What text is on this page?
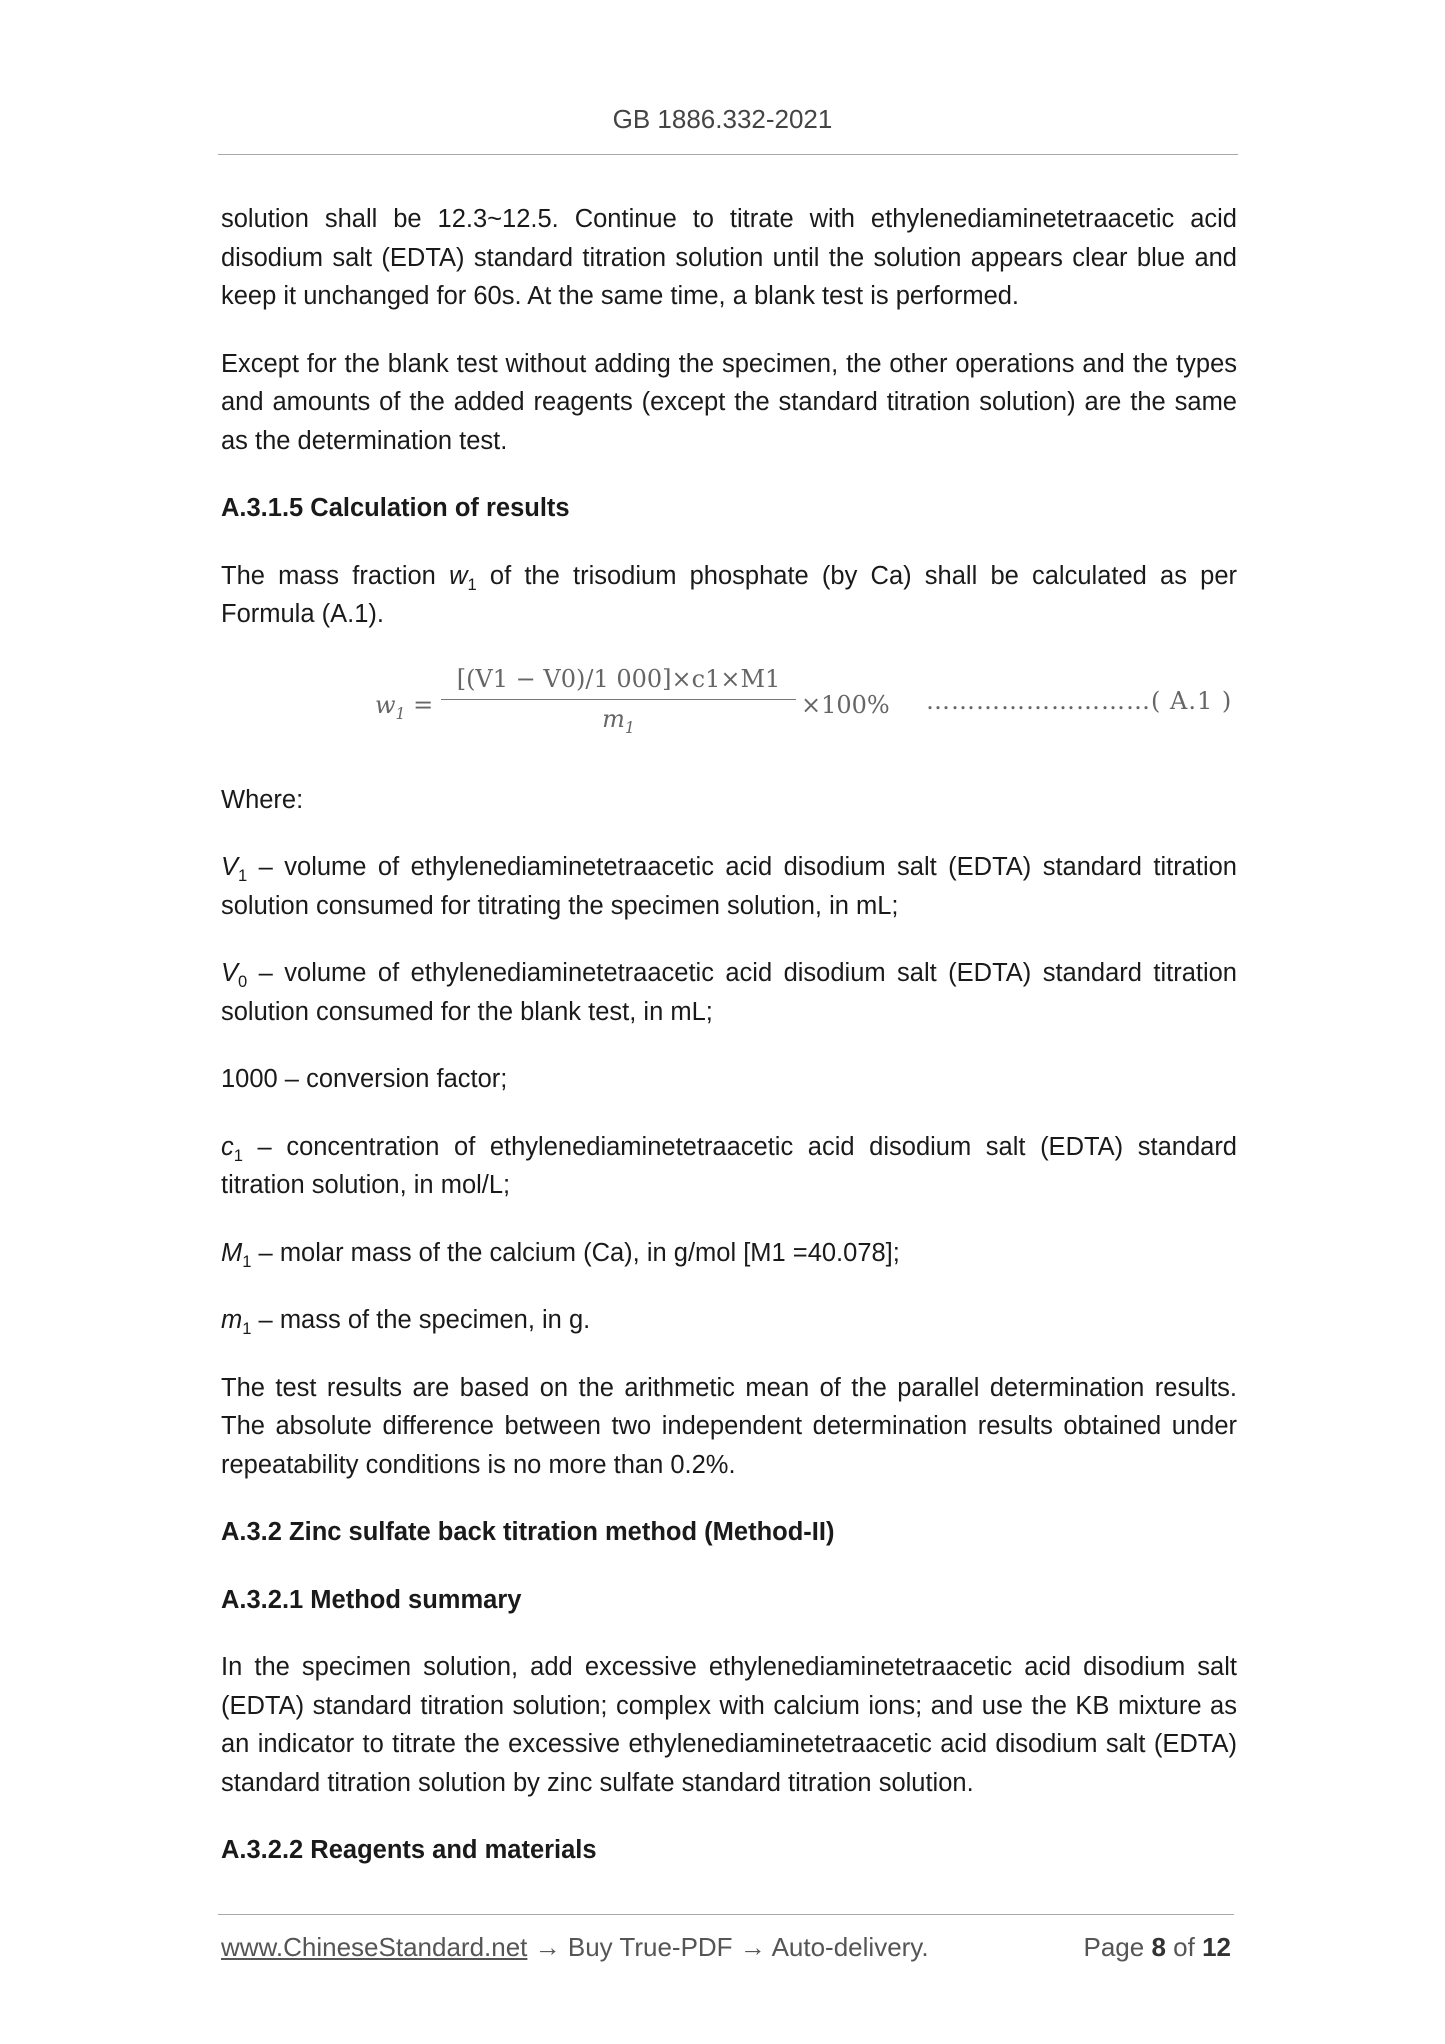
GB 1886.332-2021

solution shall be 12.3~12.5. Continue to titrate with ethylenediaminetetraacetic acid disodium salt (EDTA) standard titration solution until the solution appears clear blue and keep it unchanged for 60s. At the same time, a blank test is performed.

Except for the blank test without adding the specimen, the other operations and the types and amounts of the added reagents (except the standard titration solution) are the same as the determination test.

A.3.1.5 Calculation of results

The mass fraction $w_1$ of the trisodium phosphate (by Ca) shall be calculated as per Formula (A.1).

$w_1 = \frac{[(V1 - V0)/1 000]\times c1\times M1}{m_1} \times 100\%$ ………………………( A.1 )

Where:

$V_1$ – volume of ethylenediaminetetraacetic acid disodium salt (EDTA) standard titration solution consumed for titrating the specimen solution, in mL;

$V_0$ – volume of ethylenediaminetetraacetic acid disodium salt (EDTA) standard titration solution consumed for the blank test, in mL;

1000 – conversion factor;

$c_1$ – concentration of ethylenediaminetetraacetic acid disodium salt (EDTA) standard titration solution, in mol/L;

$M_1$ – molar mass of the calcium (Ca), in g/mol [M1 =40.078];

$m_1$ – mass of the specimen, in g.

The test results are based on the arithmetic mean of the parallel determination results. The absolute difference between two independent determination results obtained under repeatability conditions is no more than 0.2%.

A.3.2 Zinc sulfate back titration method (Method-II)

A.3.2.1 Method summary

In the specimen solution, add excessive ethylenediaminetetraacetic acid disodium salt (EDTA) standard titration solution; complex with calcium ions; and use the KB mixture as an indicator to titrate the excessive ethylenediaminetetraacetic acid disodium salt (EDTA) standard titration solution by zinc sulfate standard titration solution.

A.3.2.2 Reagents and materials

www.ChineseStandard.net → Buy True-PDF → Auto-delivery.	Page 8 of 12
